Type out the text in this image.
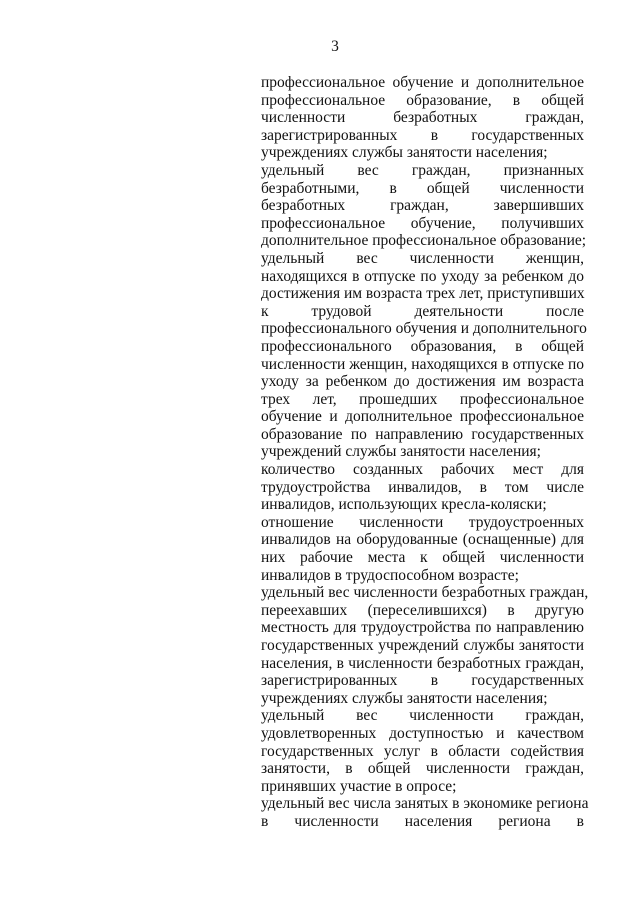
3
профессиональное обучение и дополнительное
профессиональное образование, в общей
численности безработных граждан,
зарегистрированных в государственных
учреждениях службы занятости населения;
удельный вес граждан, признанных
безработными, в общей численности
безработных граждан, завершивших
профессиональное обучение, получивших
дополнительное профессиональное образование;
удельный вес численности женщин,
находящихся в отпуске по уходу за ребенком до
достижения им возраста трех лет, приступивших
к трудовой деятельности после
профессионального обучения и дополнительного
профессионального образования, в общей
численности женщин, находящихся в отпуске по
уходу за ребенком до достижения им возраста
трех лет, прошедших профессиональное
обучение и дополнительное профессиональное
образование по направлению государственных
учреждений службы занятости населения;
количество созданных рабочих мест для
трудоустройства инвалидов, в том числе
инвалидов, использующих кресла-коляски;
отношение численности трудоустроенных
инвалидов на оборудованные (оснащенные) для
них рабочие места к общей численности
инвалидов в трудоспособном возрасте;
удельный вес численности безработных граждан,
переехавших (переселившихся) в другую
местность для трудоустройства по направлению
государственных учреждений службы занятости
населения, в численности безработных граждан,
зарегистрированных в государственных
учреждениях службы занятости населения;
удельный вес численности граждан,
удовлетворенных доступностью и качеством
государственных услуг в области содействия
занятости, в общей численности граждан,
принявших участие в опросе;
удельный вес числа занятых в экономике региона
в численности населения региона в
